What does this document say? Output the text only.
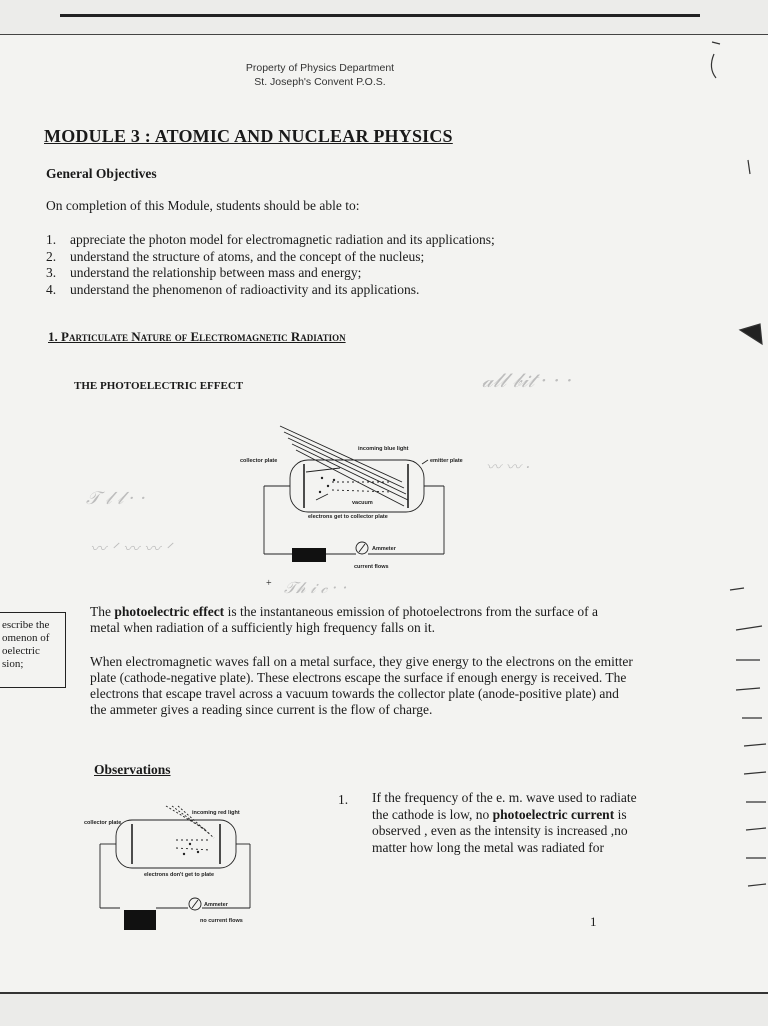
Property of Physics Department

St. Joseph's Convent P.O.S.

MODULE 3 : ATOMIC AND NUCLEAR PHYSICS

General Objectives

On completion of this Module, students should be able to:

1.	appreciate the photon model for electromagnetic radiation and its applications;
2.	understand the structure of atoms, and the concept of the nucleus;
3.	understand the relationship between mass and energy;
4.	understand the phenomenon of radioactivity and its applications.

1. Particulate Nature of Electromagnetic Radiation

THE PHOTOELECTRIC EFFECT	𝒶𝓁𝓁 𝒷𝒾𝓉 · · ·
〰 〰 ·
𝒯 𝓁 𝓁 · ·
〰 ᐟ 〰 〰 ᐟ
𝒯𝒽 𝒾 𝒸 · ·
incoming blue light
collector plate	emitter plate
vacuum
electrons get to collector plate
Ammeter
current flows
+
escribe the
omenon of
oelectric
sion;

The photoelectric effect is the instantaneous emission of photoelectrons from the surface of a metal when radiation of a sufficiently high frequency falls on it.

When electromagnetic waves fall on a metal surface, they give energy to the electrons on the emitter plate (cathode-negative plate). These electrons escape the surface if enough energy is received. The electrons that escape travel across a vacuum towards the collector plate (anode-positive plate) and the ammeter gives a reading since current is the flow of charge.

Observations

incoming red light
collector plate
electrons don't get to plate
Ammeter
no current flows

1. If the frequency of the e. m. wave used to radiate the cathode is low, no photoelectric current is observed , even as the intensity is increased ,no matter how long the metal was radiated for

1
